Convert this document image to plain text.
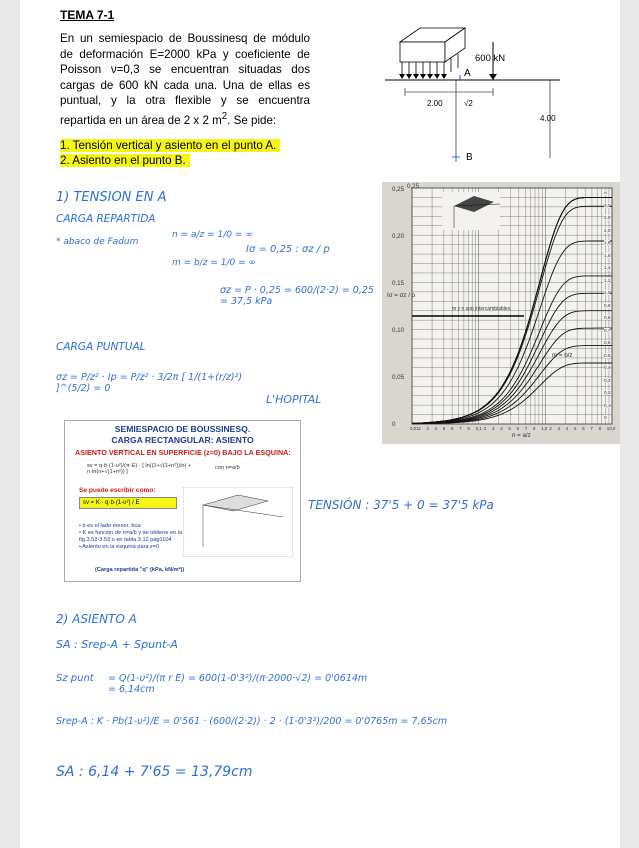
TEMA 7-1
En un semiespacio de Boussinesq de módulo de deformación E=2000 kPa y coeficiente de Poisson ν=0,3 se encuentran situadas dos cargas de 600 kN cada una. Una de ellas es puntual, y la otra flexible y se encuentra repartida en un área de 2 x 2 $m^2$. Se pide:
1. Tensión vertical y asiento en el punto A.
2. Asiento en el punto B.
600 kN
A
2.00	√2
4.00
B
1) TENSION EN A
CARGA REPARTIDA
* abaco de Fadum
n = a/z = 1/0 = ∞
m = b/z = 1/0 = ∞
Iσ = 0,25 : σz / p
σz = P · 0,25 = 600/(2·2) = 0,25 = 37,5 kPa
CARGA PUNTUAL
σz = P/z² · Ip = P/z² · 3/2π [ 1/(1+(r/z)²) ]^(5/2) = 0
L'HOPITAL
0,25
Iσ = σz / p
n = a/z
m y n son intercambiables
m = b/z
0,25
0,20
0,15
0,10
0,05
0
0,01 2 3 4 5 6 7 8 0,1 2 3 4 5 6 7 8 1,0 2 3 4 5 6 7 8 10,0
∞
3,0
2,5
2,0
1,8
1,6
1,4
1,2
1,0
0,9
0,8
0,7
0,6
0,5
0,4
0,3
0,2
0,1
0
SEMIESPACIO DE BOUSSINESQ.
CARGA RECTANGULAR: ASIENTO
ASIENTO VERTICAL EN SUPERFICIE (z=0) BAJO LA ESQUINA:
sv = q·b·(1-υ²)/(π·E) · [ ln((1+√(1+n²))/n) + n·ln(n+√(1+n²)) ]
con n=a/b
Se puede escribir como:
sv = K · q·b·(1-υ²) / E
• b es el lado menor, b≤a
• K es función de n=a/b y se obtiene en la fig.3.52-3.53 o en tabla 3.12 pág1104
• Asiento en la esquina para z=0
(Carga repartida "q" (kPa, kN/m²))
TENSIÓN : 37'5 + 0 = 37'5 kPa
2) ASIENTO A
SA : Srep-A + Spunt-A
Sz punt = Q(1-υ²)/(π r E) = 600(1-0'3²)/(π·2000·√2) = 0'0614m = 6,14cm
Srep-A : K · Pb(1-υ²)/E = 0'561 · (600/(2·2)) · 2 · (1-0'3²)/200 = 0'0765m = 7,65cm
SA : 6,14 + 7'65 = 13,79cm
